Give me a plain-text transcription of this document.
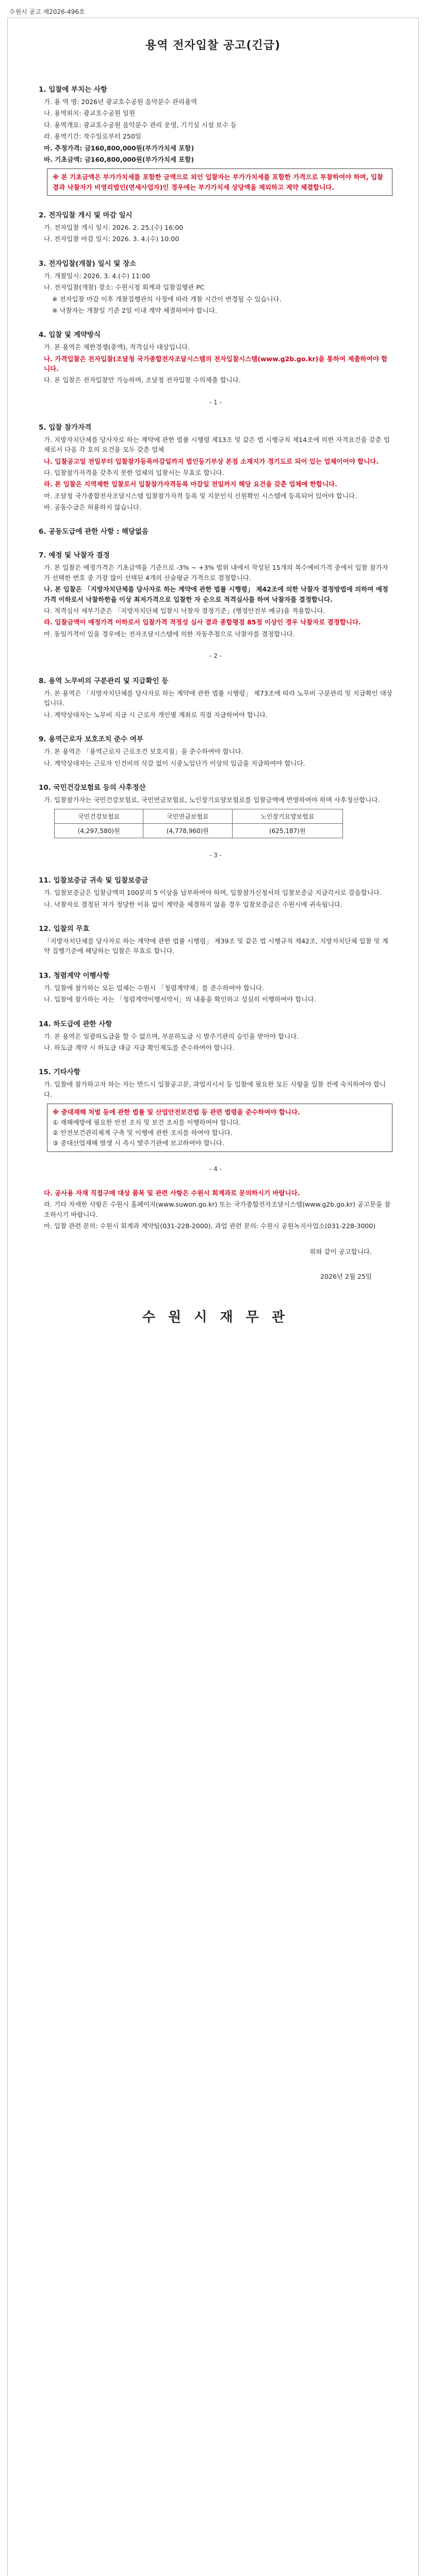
수원시 공고 제2026-496호
용역 전자입찰 공고(긴급)
1. 입찰에 부치는 사항
가. 용 역 명: 2026년 광교호수공원 음악분수 관리용역
나. 용역위치: 광교호수공원 일원
다. 용역개요: 광교호수공원 음악분수 관리 운영, 기기실 시설 보수 등
라. 용역기간: 착수일로부터 250일
마. 추정가격: 금160,800,000원(부가가치세 포함)
바. 기초금액: 금160,800,000원(부가가치세 포함)
※ 본 기초금액은 부가가치세를 포함한 금액으로 외인 입찰자는 부가가치세를 포함한 가격으로 투찰하여야 하며, 입찰결과 낙찰자가 비영리법인(면세사업자)인 경우에는 부가가치세 상당액을 제외하고 계약 체결합니다.
2. 전자입찰 개시 및 마감 일시
가. 전자입찰 개시 일시: 2026. 2. 25.(수) 16:00
나. 전자입찰 마감 일시: 2026. 3. 4.(수) 10:00
3. 전자입찰(개찰) 일시 및 장소
가. 개찰일시: 2026. 3. 4.(수) 11:00
나. 전자입찰(개찰) 장소: 수원시청 회계과 입찰집행관 PC
※ 전자입찰 마감 이후 개찰집행관의 사정에 따라 개찰 시간이 변경될 수 있습니다.
※ 낙찰자는 개찰일 기준 2일 이내 계약 체결하여야 합니다.
4. 입찰 및 계약방식
가. 본 용역은 제한경쟁(총액), 적격심사 대상입니다.
나. 가격입찰은 전자입찰(조달청 국가종합전자조달시스템의 전자입찰시스템(www.g2b.go.kr)을 통하여 제출하여야 합니다.
다. 본 입찰은 전자입찰만 가능하며, 조달청 전자입찰 수의제출 합니다.
- 1 -
5. 입찰 참가자격
가. 지방자치단체를 당사자로 하는 계약에 관한 법률 시행령 제13조 및 같은 법 시행규칙 제14조에 의한 자격요건을 갖춘 업체로서 다음 각 호의 요건을 모두 갖춘 업체
나. 입찰공고일 전일부터 입찰참가등록마감일까지 법인등기부상 본점 소재지가 경기도로 되어 있는 업체이어야 합니다.
다. 입찰참가자격을 갖추지 못한 업체의 입찰서는 무효로 합니다.
라. 본 입찰은 지역제한 입찰로서 입찰참가자격등록 마감일 전일까지 해당 요건을 갖춘 업체에 한합니다.
마. 조달청 국가종합전자조달시스템 입찰참가자격 등록 및 지문인식 신원확인 시스템에 등록되어 있어야 합니다.
바. 공동수급은 허용하지 않습니다.
6. 공동도급에 관한 사항 : 해당없음
7. 예정 및 낙찰자 결정
가. 본 입찰은 예정가격은 기초금액을 기준으로 -3% ~ +3% 범위 내에서 작성된 15개의 복수예비가격 중에서 입찰 참가자가 선택한 번호 중 가장 많이 선택된 4개의 산술평균 가격으로 결정합니다.
나. 본 입찰은 「지방자치단체를 당사자로 하는 계약에 관한 법률 시행령」 제42조에 의한 낙찰자 결정방법에 의하여 예정가격 이하로서 낙찰하한율 이상 최저가격으로 입찰한 자 순으로 적격심사를 하여 낙찰자를 결정합니다.
다. 적격심사 세부기준은 「지방자치단체 입찰시 낙찰자 결정기준」(행정안전부 예규)을 적용합니다.
라. 입찰금액이 예정가격 이하로서 입찰가격 적정성 심사 결과 종합평점 85점 이상인 경우 낙찰자로 결정합니다.
마. 동일가격이 있을 경우에는 전자조달시스템에 의한 자동추첨으로 낙찰자를 결정합니다.
- 2 -
8. 용역 노무비의 구분관리 및 지급확인 등
가. 본 용역은 「지방자치단체를 당사자로 하는 계약에 관한 법률 시행령」 제73조에 따라 노무비 구분관리 및 지급확인 대상입니다.
나. 계약상대자는 노무비 지급 시 근로자 개인별 계좌로 직접 지급하여야 합니다.
9. 용역근로자 보호조치 준수 여부
가. 본 용역은 「용역근로자 근로조건 보호지침」을 준수하여야 합니다.
나. 계약상대자는 근로자 인건비의 삭감 없이 시중노임단가 이상의 임금을 지급하여야 합니다.
10. 국민건강보험료 등의 사후정산
가. 입찰참가자는 국민건강보험료, 국민연금보험료, 노인장기요양보험료를 입찰금액에 반영하여야 하며 사후정산합니다.
국민건강보험료	국민연금보험료	노인장기요양보험료
(4,297,580)원	(4,778,960)원	(625,187)원
- 3 -
11. 입찰보증금 귀속 및 입찰보증금
가. 입찰보증금은 입찰금액의 100분의 5 이상을 납부하여야 하며, 입찰참가신청서의 입찰보증금 지급각서로 갈음합니다.
나. 낙찰자로 결정된 자가 정당한 이유 없이 계약을 체결하지 않을 경우 입찰보증금은 수원시에 귀속됩니다.
12. 입찰의 무효
「지방자치단체를 당사자로 하는 계약에 관한 법률 시행령」 제39조 및 같은 법 시행규칙 제42조, 지방자치단체 입찰 및 계약 집행기준에 해당하는 입찰은 무효로 합니다.
13. 청렴계약 이행사항
가. 입찰에 참가하는 모든 업체는 수원시 「청렴계약제」를 준수하여야 합니다.
나. 입찰에 참가하는 자는 「청렴계약이행서약서」의 내용을 확인하고 성실히 이행하여야 합니다.
14. 하도급에 관한 사항
가. 본 용역은 일괄하도급을 할 수 없으며, 부분하도급 시 발주기관의 승인을 받아야 합니다.
나. 하도급 계약 시 하도급 대금 지급 확인제도를 준수하여야 합니다.
15. 기타사항
가. 입찰에 참가하고자 하는 자는 반드시 입찰공고문, 과업지시서 등 입찰에 필요한 모든 사항을 입찰 전에 숙지하여야 합니다.
※ 중대재해 처벌 등에 관한 법률 및 산업안전보건법 등 관련 법령을 준수하여야 합니다.
① 재해예방에 필요한 안전 조치 및 보건 조치를 이행하여야 합니다.
② 안전보건관리체계 구축 및 이행에 관한 조치를 하여야 합니다.
③ 중대산업재해 발생 시 즉시 발주기관에 보고하여야 합니다.
- 4 -
다. 공사용 자재 직접구매 대상 품목 및 관련 사항은 수원시 회계과로 문의하시기 바랍니다.
라. 기타 자세한 사항은 수원시 홈페이지(www.suwon.go.kr) 또는 국가종합전자조달시스템(www.g2b.go.kr) 공고문을 참조하시기 바랍니다.
마. 입찰 관련 문의: 수원시 회계과 계약팀(031-228-2000), 과업 관련 문의: 수원시 공원녹지사업소(031-228-3000)
위와 같이 공고합니다.
2026년 2월 25일
수 원 시 재 무 관
